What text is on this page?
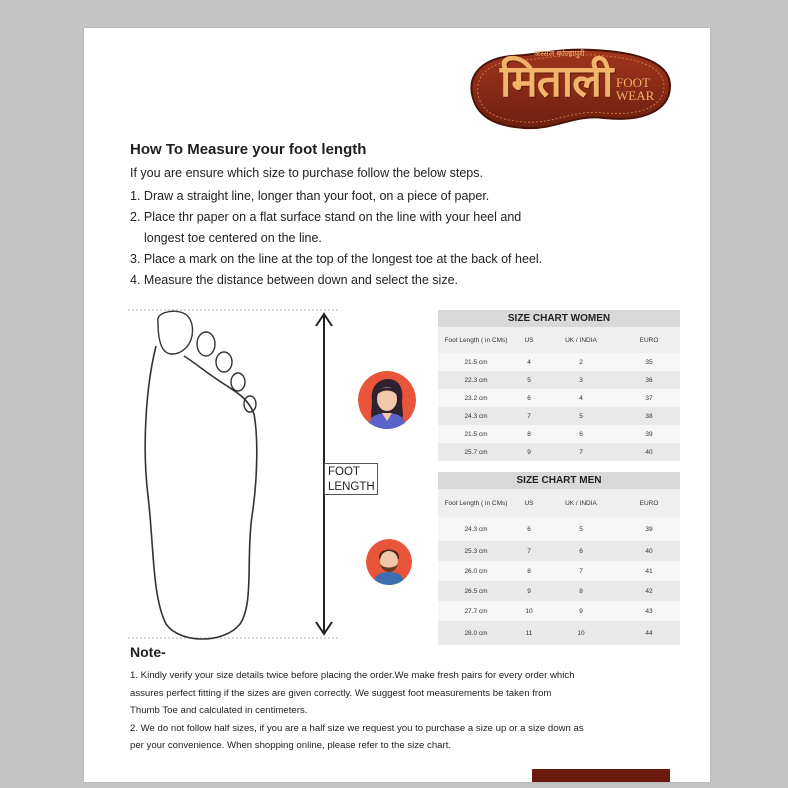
अस्सल कोल्हापुरी
मिताली FOOT WEAR
How To Measure your foot length
If you are ensure which size to purchase follow the below steps.
1. Draw a straight line, longer than your foot, on a piece of paper.
2. Place thr paper on a flat surface stand on the line with your heel and
longest toe centered on the line.
3. Place a mark on the line at the top of the longest toe at the back of heel.
4. Measure the distance between down and select the size.
FOOT
LENGTH
SIZE CHART WOMEN
Foot Length ( in CMs)	US	UK / INDIA	EURO
21.5 cm	4	2	35
22.3 cm	5	3	36
23.2 cm	6	4	37
24.3 cm	7	5	38
21.5 cm	8	6	39
25.7 cm	9	7	40
SIZE CHART MEN
Foot Length ( in CMs)	US	UK / INDIA	EURO
24.3 cm	6	5	39
25.3 cm	7	6	40
26.0 cm	8	7	41
26.5 cm	9	8	42
27.7 cm	10	9	43
28.0 cm	11	10	44
Note-
1. Kindly verify your size details twice before placing the order.We make fresh pairs for every order which
assures perfect fitting if the sizes are given correctly. We suggest foot measurements be taken from
Thumb Toe and calculated in centimeters.
2. We do not follow half sizes, if you are a half size we request you to purchase a size up or a size down as
per your convenience. When shopping online, please refer to the size chart.
